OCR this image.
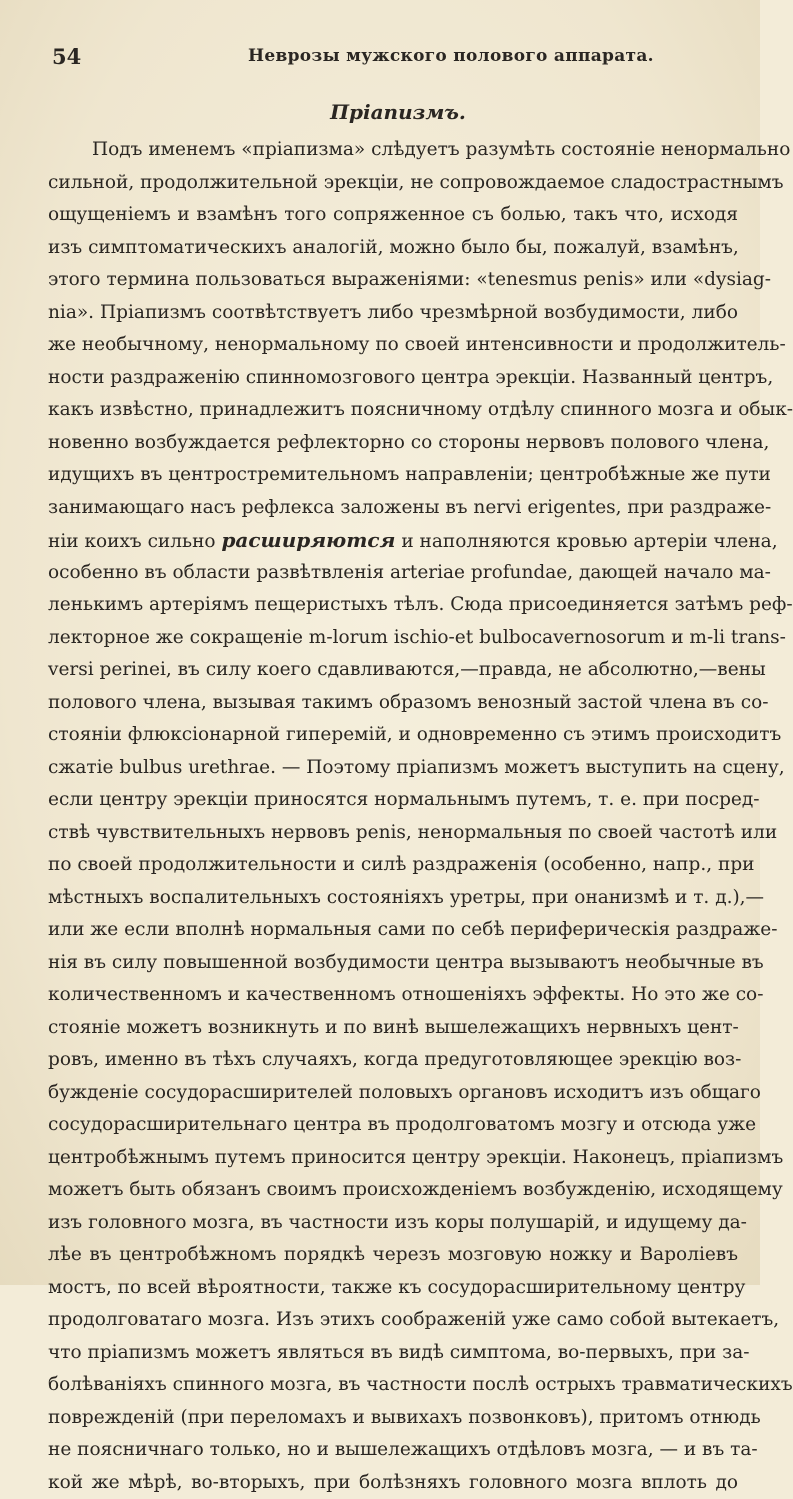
54	Неврозы мужского полового аппарата.
Пріапизмъ.
Подъ именемъ «пріапизма» слѣдуетъ разумѣть состояніе ненормально
сильной, продолжительной эрекціи, не сопровождаемое сладострастнымъ
ощущеніемъ и взамѣнъ того сопряженное съ болью, такъ что, исходя
изъ симптоматическихъ аналогій, можно было бы, пожалуй, взамѣнъ,
этого термина пользоваться выраженіями: «tenesmus penis» или «dysiag-
nia». Пріапизмъ соотвѣтствуетъ либо чрезмѣрной возбудимости, либо
же необычному, ненормальному по своей интенсивности и продолжитель-
ности раздраженію спинномозгового центра эрекціи. Названный центръ,
какъ извѣстно, принадлежитъ поясничному отдѣлу спинного мозга и обык-
новенно возбуждается рефлекторно со стороны нервовъ полового члена,
идущихъ въ центростремительномъ направленіи; центробѣжные же пути
занимающаго насъ рефлекса заложены въ nervi erigentes, при раздраже-
ніи коихъ сильно расширяются и наполняются кровью артеріи члена,
особенно въ области развѣтвленія arteriae profundae, дающей начало ма-
ленькимъ артеріямъ пещеристыхъ тѣлъ. Сюда присоединяется затѣмъ реф-
лекторное же сокращеніе m-lorum ischio-et bulbocavernosorum и m-li trans-
versi perinei, въ силу коего сдавливаются,—правда, не абсолютно,—вены
полового члена, вызывая такимъ образомъ венозный застой члена въ со-
стояніи флюксіонарной гиперемій, и одновременно съ этимъ происходитъ
сжатіе bulbus urethrae. — Поэтому пріапизмъ можетъ выступить на сцену,
если центру эрекціи приносятся нормальнымъ путемъ, т. е. при посред-
ствѣ чувствительныхъ нервовъ penis, ненормальныя по своей частотѣ или
по своей продолжительности и силѣ раздраженія (особенно, напр., при
мѣстныхъ воспалительныхъ состояніяхъ уретры, при онанизмѣ и т. д.),—
или же если вполнѣ нормальныя сами по себѣ периферическія раздраже-
нія въ силу повышенной возбудимости центра вызываютъ необычные въ
количественномъ и качественномъ отношеніяхъ эффекты. Но это же со-
стояніе можетъ возникнуть и по винѣ вышележащихъ нервныхъ цент-
ровъ, именно въ тѣхъ случаяхъ, когда предуготовляющее эрекцію воз-
бужденіе сосудорасширителей половыхъ органовъ исходитъ изъ общаго
сосудорасширительнаго центра въ продолговатомъ мозгу и отсюда уже
центробѣжнымъ путемъ приносится центру эрекціи. Наконецъ, пріапизмъ
можетъ быть обязанъ своимъ происхожденіемъ возбужденію, исходящему
изъ головного мозга, въ частности изъ коры полушарій, и идущему да-
лѣе въ центробѣжномъ порядкѣ черезъ мозговую ножку и Вароліевъ
мостъ, по всей вѣроятности, также къ сосудорасширительному центру
продолговатаго мозга. Изъ этихъ соображеній уже само собой вытекаетъ,
что пріапизмъ можетъ являться въ видѣ симптома, во-первыхъ, при за-
болѣваніяхъ спинного мозга, въ частности послѣ острыхъ травматическихъ
поврежденій (при переломахъ и вывихахъ позвонковъ), притомъ отнюдь
не поясничнаго только, но и вышележащихъ отдѣловъ мозга, — и въ та-
кой же мѣрѣ, во-вторыхъ, при болѣзняхъ головного мозга вплоть до
